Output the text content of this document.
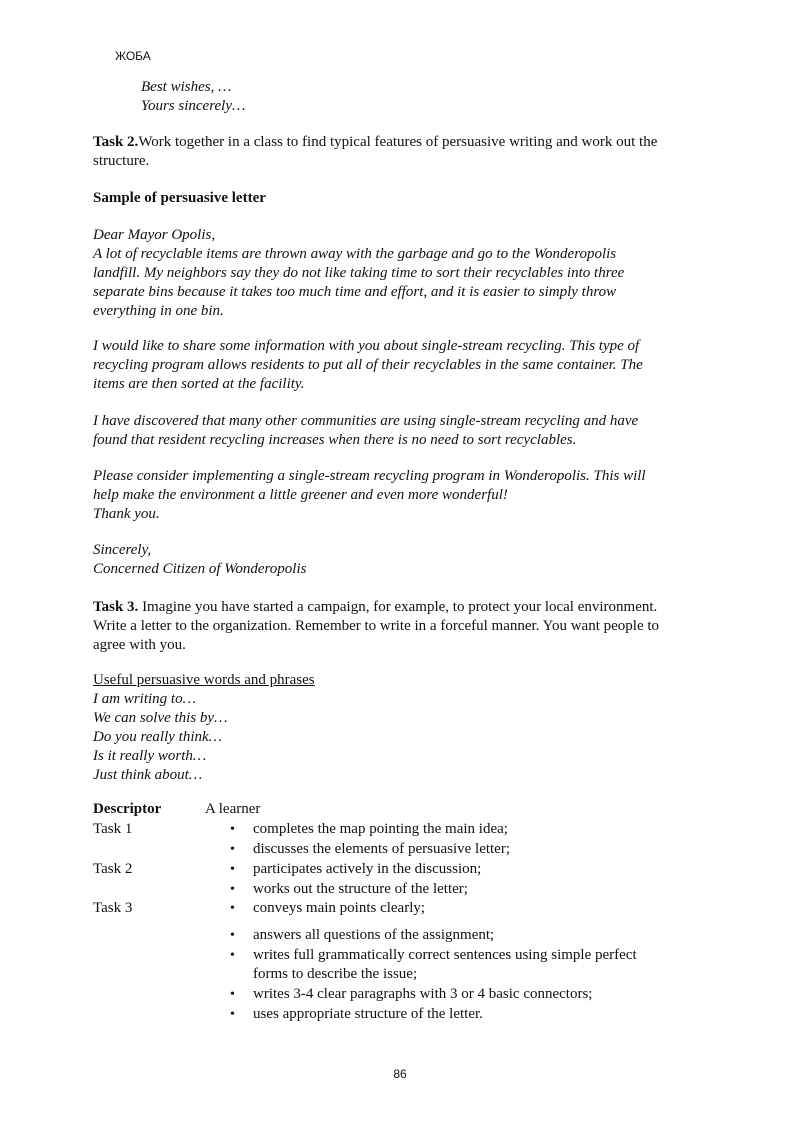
ЖОБА
Best wishes, …
Yours sincerely…
Task 2.Work together in a class to find typical features of persuasive writing and work out the
structure.
Sample of persuasive letter
Dear Mayor Opolis,
A lot of recyclable items are thrown away with the garbage and go to the Wonderopolis
landfill. My neighbors say they do not like taking time to sort their recyclables into three
separate bins because it takes too much time and effort, and it is easier to simply throw
everything in one bin.
I would like to share some information with you about single-stream recycling. This type of
recycling program allows residents to put all of their recyclables in the same container. The
items are then sorted at the facility.
I have discovered that many other communities are using single-stream recycling and have
found that resident recycling increases when there is no need to sort recyclables.
Please consider implementing a single-stream recycling program in Wonderopolis. This will
help make the environment a little greener and even more wonderful!
Thank you.
Sincerely,
Concerned Citizen of Wonderopolis
Task 3. Imagine you have started a campaign, for example, to protect your local environment.
Write a letter to the organization. Remember to write in a forceful manner. You want people to
agree with you.
Useful persuasive words and phrases
I am writing to…
We can solve this by…
Do you really think…
Is it really worth…
Just think about…
Descriptor	A learner
Task 1
Task 2
Task 3
• completes the map pointing the main idea;
• discusses the elements of persuasive letter;
• participates actively in the discussion;
• works out the structure of the letter;
• conveys main points clearly;
• answers all questions of the assignment;
• writes full grammatically correct sentences using simple perfect
forms to describe the issue;
• writes 3-4 clear paragraphs with 3 or 4 basic connectors;
• uses appropriate structure of the letter.
86
